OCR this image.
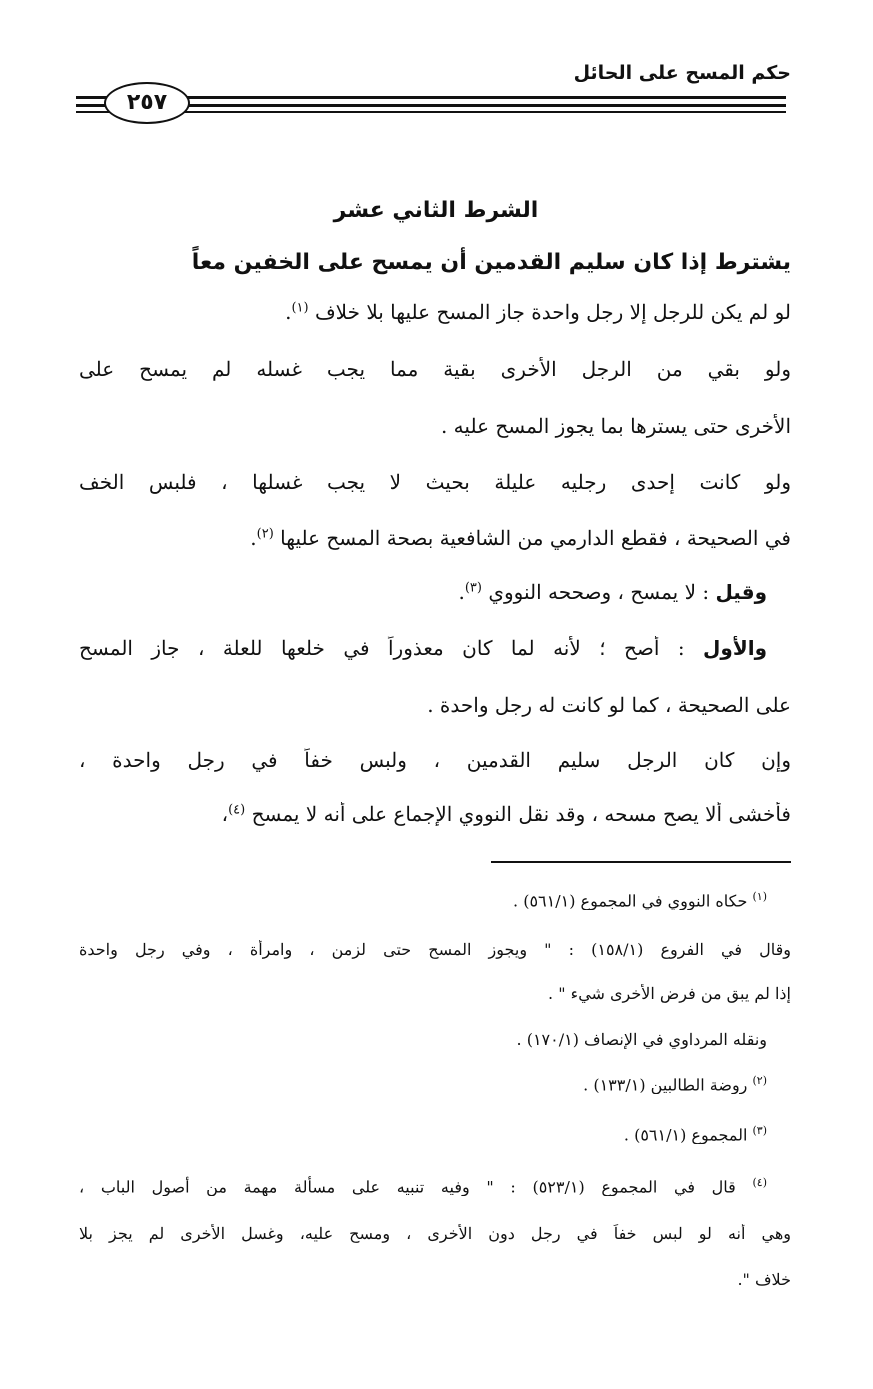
حكم المسح على الحائل
٢٥٧
الشرط الثاني عشر
يشترط إذا كان سليم القدمين أن يمسح على الخفين معاً
لو لم يكن للرجل إلا رجل واحدة جاز المسح عليها بلا خلاف $^{(١)}$.
ولو بقي من الرجل الأخرى بقية مما يجب غسله لم يمسح على
الأخرى حتى يسترها بما يجوز المسح عليه .
ولو كانت إحدى رجليه عليلة بحيث لا يجب غسلها ، فلبس الخف
في الصحيحة ، فقطع الدارمي من الشافعية بصحة المسح عليها $^{(٢)}$.
وقيل : لا يمسح ، وصححه النووي $^{(٣)}$.
والأول : أصح ؛ لأنه لما كان معذوراً في خلعها للعلة ، جاز المسح
على الصحيحة ، كما لو كانت له رجل واحدة .
وإن كان الرجل سليم القدمين ، ولبس خفاً في رجل واحدة ،
فأخشى ألا يصح مسحه ، وقد نقل النووي الإجماع على أنه لا يمسح $^{(٤)}$،
$^{(١)}$ حكاه النووي في المجموع (٥٦١/١) .
وقال في الفروع (١٥٨/١) : " ويجوز المسح حتى لزمن ، وامرأة ، وفي رجل واحدة
إذا لم يبق من فرض الأخرى شيء " .
ونقله المرداوي في الإنصاف (١٧٠/١) .
$^{(٢)}$ روضة الطالبين (١٣٣/١) .
$^{(٣)}$ المجموع (٥٦١/١) .
$^{(٤)}$ قال في المجموع (٥٢٣/١) : " وفيه تنبيه على مسألة مهمة من أصول الباب ،
وهي أنه لو لبس خفاً في رجل دون الأخرى ، ومسح عليه، وغسل الأخرى لم يجز بلا
خلاف ".
